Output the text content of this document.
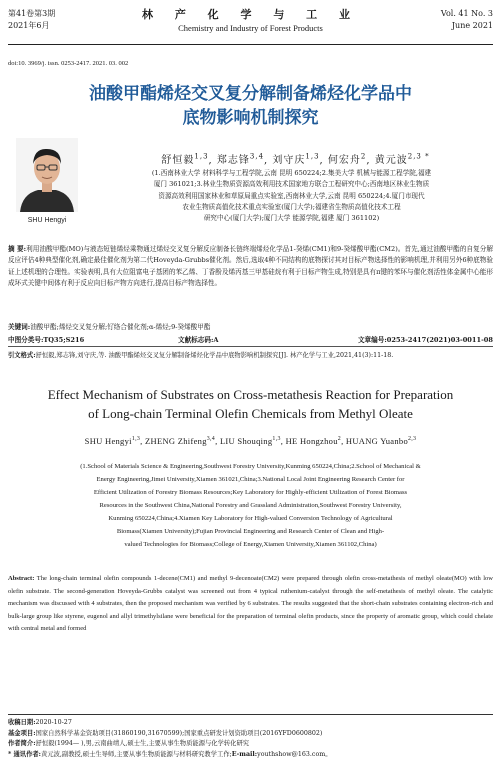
第41卷第3期
2021年6月
林 产 化 学 与 工 业
Chemistry and Industry of Forest Products
Vol. 41 No. 3
June 2021
doi:10. 3969/j. issn. 0253-2417. 2021. 03. 002
油酸甲酯烯烃交叉复分解制备烯烃化学品中
底物影响机制探究
SHU Hengyi
舒恒毅$^{1,3}$, 郑志锋$^{3,4}$, 刘守庆$^{1,3}$, 何宏舟$^2$, 黄元波$^{2,3 *}$
(1.西南林业大学 材料科学与工程学院,云南 昆明 650224;2.集美大学 机械与能源工程学院,福建
厦门 361021;3.林业生物质资源高效利用技术国家地方联合工程研究中心;西南地区林业生物质
资源高效利用国家林业和草原局重点实验室,西南林业大学,云南 昆明 650224;4.厦门市现代
农业生物质高值化技术重点实验室(厦门大学);福建省生物质高值化技术工程
研究中心(厦门大学);厦门大学 能源学院,福建 厦门 361102)
摘 要:利用油酸甲酯(MO)与液态短链烯烃乘物通过烯烃交叉复分解反应制备长链终端烯烃化学品1-癸烯(CM1)和9-癸烯酸甲酯(CM2)。首先,通过油酸甲酯的自复分解反应评估4种典型催化剂,确定最佳催化剂为第二代Hoveyda-Grubbs催化剂。然后,选取4种不同结构的底物探讨其对目标产物选择性的影响机理,并利用另外6种底物验证上述机理的合理性。实验表明,具有大位阻富电子基团的苯乙烯、丁香酚及烯丙基三甲基硅烷有利于目标产物生成,特别是具有π键的苯环与催化剂活性体金属中心能形成环式关键中间体有利于反应向目标产物方向进行,提高目标产物选择性。
关键词:油酸甲酯;烯烃交叉复分解;钌络合催化剂;α-烯烃;9-癸烯酸甲酯
中图分类号:TQ35;S216	文献标志码:A	文章编号:0253-2417(2021)03-0011-08
引文格式:舒恒毅,郑志锋,刘守庆,等. 油酸甲酯烯烃交叉复分解制备烯烃化学品中底物影响机制探究[J]. 林产化学与工业,2021,41(3):11-18.
Effect Mechanism of Substrates on Cross-metathesis Reaction for Preparation
of Long-chain Terminal Olefin Chemicals from Methyl Oleate
SHU Hengyi$^{1,3}$, ZHENG Zhifeng$^{3,4}$, LIU Shouqing$^{1,3}$, HE Hongzhou$^2$, HUANG Yuanbo$^{2,3}$
(1.School of Materials Science & Engineering,Southwest Forestry University,Kunming 650224,China;2.School of Mechanical &
Energy Engineering,Jimei University,Xiamen 361021,China;3.National Local Joint Engineering Research Center for
Efficient Utilization of Forestry Biomass Resources;Key Laboratory for Highly-efficient Utilization of Forest Biomass
Resources in the Southwest China,National Forestry and Grassland Administration,Southwest Forestry University,
Kunming 650224,China;4.Xiamen Key Laboratory for High-valued Conversion Technology of Agricultural
Biomass(Xiamen University);Fujian Provincial Engineering and Research Center of Clean and High-
valued Technologies for Biomass;College of Energy,Xiamen University,Xiamen 361102,China)
Abstract: The long-chain terminal olefin compounds 1-decene(CM1) and methyl 9-decenoate(CM2) were prepared through olefin cross-metathesis of methyl oleate(MO) with low olefin substrate. The second-generation Hoveyda-Grubbs catalyst was screened out from 4 typical ruthenium-catalyst through the self-metathesis of methyl oleate. The catalytic mechanism was discussed with 4 substrates, then the proposed mechanism was verified by 6 substrates. The results suggested that the short-chain substrates containing electron-rich and bulk-large group like styrene, eugenol and allyl trimethylsilane were beneficial for the preparation of terminal olefin products, since the property of aromatic group, which could chelate with central metal and formed
收稿日期:2020-10-27
基金项目:国家自然科学基金资助项目(31860190,31670599);国家重点研发计划资助项目(2016YFD0600802)
作者简介:舒恒毅(1994— ),男,云南曲靖人,硕士生,主要从事生物质能源与化学转化研究
* 通讯作者:黄元波,副教授,硕士生导师,主要从事生物质能源与材料研究教学工作;E-mail:youthshow@163.com。
